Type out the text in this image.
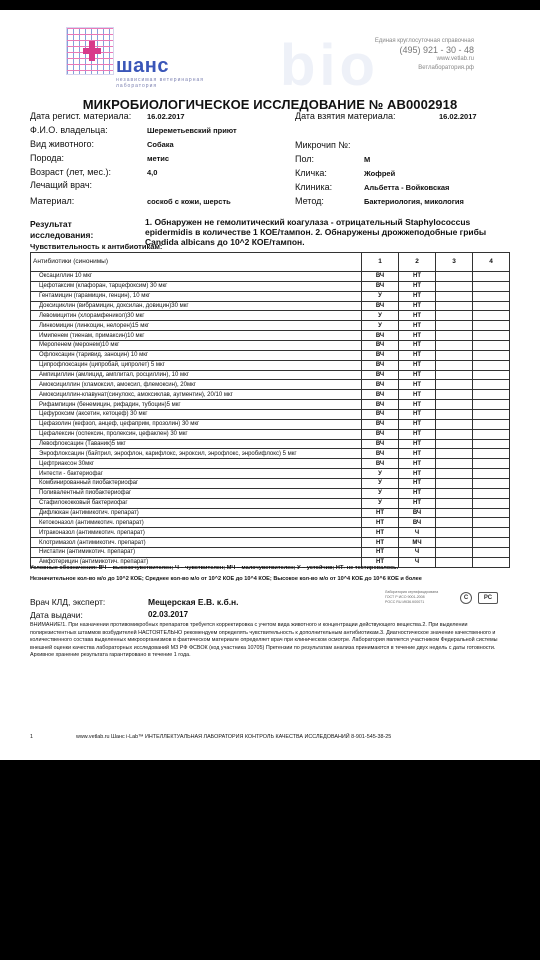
шанс
независимая ветеринарная лаборатория	bio
Единая круглосуточная справочная
(495) 921 - 30 - 48
www.vetlab.ru
Ветлаборатория.рф
МИКРОБИОЛОГИЧЕСКОЕ ИССЛЕДОВАНИЕ № АВ0002918
Дата регист. материала: 16.02.2017	Дата взятия материала:	16.02.2017
Ф.И.О. владельца:	Шереметьевский приют
Вид животного:	Собака	Микрочип №:
Порода:	метис	Пол:	М
Возраст (лет, мес.):	4,0	Кличка:	Жофрей
Лечащий врач:	Клиника:	Альбетта - Войковская
Материал:	соскоб с кожи, шерсть	Метод:	Бактериология, микология
Результат исследования:
1. Обнаружен не гемолитический коагулаза - отрицательный Staphylococcus epidermidis в количестве 1 КОЕ/тампон. 2. Обнаружены дрожжеподобные грибы Candida albicans до 10^2 КОЕ/тампон.
Чувствительность к антибиотикам:
Антибиотики (синонимы)	1	2	3	4
Оксациллин 10 мкг	ВЧ	НТ		
Цефотаксим (клафоран, тарцефоксим) 30 мкг	ВЧ	НТ		
Гентамицин (гарамицин, генцин), 10 мкг	У	НТ		
Доксициклин (вибрамицин, доксилан, довицин)30 мкг	ВЧ	НТ		
Левомицитин (хлорамфеникол)30 мкг	У	НТ		
Линкомицин (линкоцин, нелорен)15 мкг	У	НТ		
Имипенем (тиенам, примаксин)10 мкг	ВЧ	НТ		
Меропенем (меронем)10 мкг	ВЧ	НТ		
Офлоксацин (таривид, заноцин) 10 мкг	ВЧ	НТ		
Ципрофлоксацин (ципробай, ципролет) 5 мкг	ВЧ	НТ		
Ампициллин (амлицид, амплитал, росциллин), 10 мкг	ВЧ	НТ		
Амоксициллин (хламоксил, амоксил, флемоксин), 20мкг	ВЧ	НТ		
Амоксициллин-клавунат(синулокс, амоксиклав, аугментин), 20/10 мкг	ВЧ	НТ		
Рифампицин (бенемицин, рифадин, тубоцин)5 мкг	ВЧ	НТ		
Цефуроксим (аксетин, кетоцеф) 30 мкг	ВЧ	НТ		
Цефазолин (кефзол, анцеф, цефаприм, прозолин) 30 мкг	ВЧ	НТ		
Цефалексин (оспексин, пролексин, цефаклен) 30 мкг	ВЧ	НТ		
Левофлоксацин (Таваник)5 мкг	ВЧ	НТ		
Энрофлоксацин (байтрил, энрофлон, карифлокс, энроксил, энрофлокс, энробифлокс) 5 мкг	ВЧ	НТ		
Цефтриаксон 30мкг	ВЧ	НТ		
Интести - бактериофаг	У	НТ		
Комбинированный пиобактериофаг	У	НТ		
Поливалентный пиобактериофаг	У	НТ		
Стафилококковый бактериофаг	У	НТ		
Дифлюкан (антимикотич. препарат)	НТ	ВЧ		
Кетоконазол (антимикотич. препарат)	НТ	ВЧ		
Итраконазол (антимикотич. препарат)	НТ	Ч		
Клотримазол (антимикотич. препарат)	НТ	МЧ		
Нистатин (антимикотич. препарат)	НТ	Ч		
Амфотерицин (антимикотич. препарат)	НТ	Ч		
Условные обозначения: ВЧ – высокочувствителен; Ч – чувствителен; МЧ – малочувствителен; У – устойчив; НТ- не тестировалось.
Незначительное кол-во м/о до 10^2 КОЕ; Среднее кол-во м/о от 10^2 КОЕ до 10^4 КОЕ; Высокое кол-во м/о от 10^4 КОЕ до 10^6 КОЕ и более
Врач КЛД, эксперт:	Мещерская Е.В. к.б.н.
Дата выдачи:	02.03.2017
Лаборатория сертифицирована
ГОСТ Р ИСО 9001-2008
РОСС RU.ИК36.К00071
С	РС
ВНИМАНИЕ!1. При назначении противомикробных препаратов требуется корректировка с учетом вида животного и концентрации действующего вещества.2. При выделении полирезистентных штаммов возбудителей НАСТОЯТЕЛЬНО рекомендуем определять чувствительность к дополнительным антибиотикам.3. Диагностическое значение качественного и количественного состава выделенных микроорганизмов в фактическом материале определяет врач при клиническом осмотре. Лаборатория является участником Федеральной системы внешней оценки качества лабораторных исследований МЗ РФ ФСВОК (код участника 10705) Претензии по результатам анализа принимаются в течение двух недель с даты готовности. Архивное хранение результата гарантировано в течение 1 года.
1	www.vetlab.ru Шанс i-Lab™ ИНТЕЛЛЕКТУАЛЬНАЯ ЛАБОРАТОРИЯ КОНТРОЛЬ КАЧЕСТВА ИССЛЕДОВАНИЙ 8-901-545-38-25
